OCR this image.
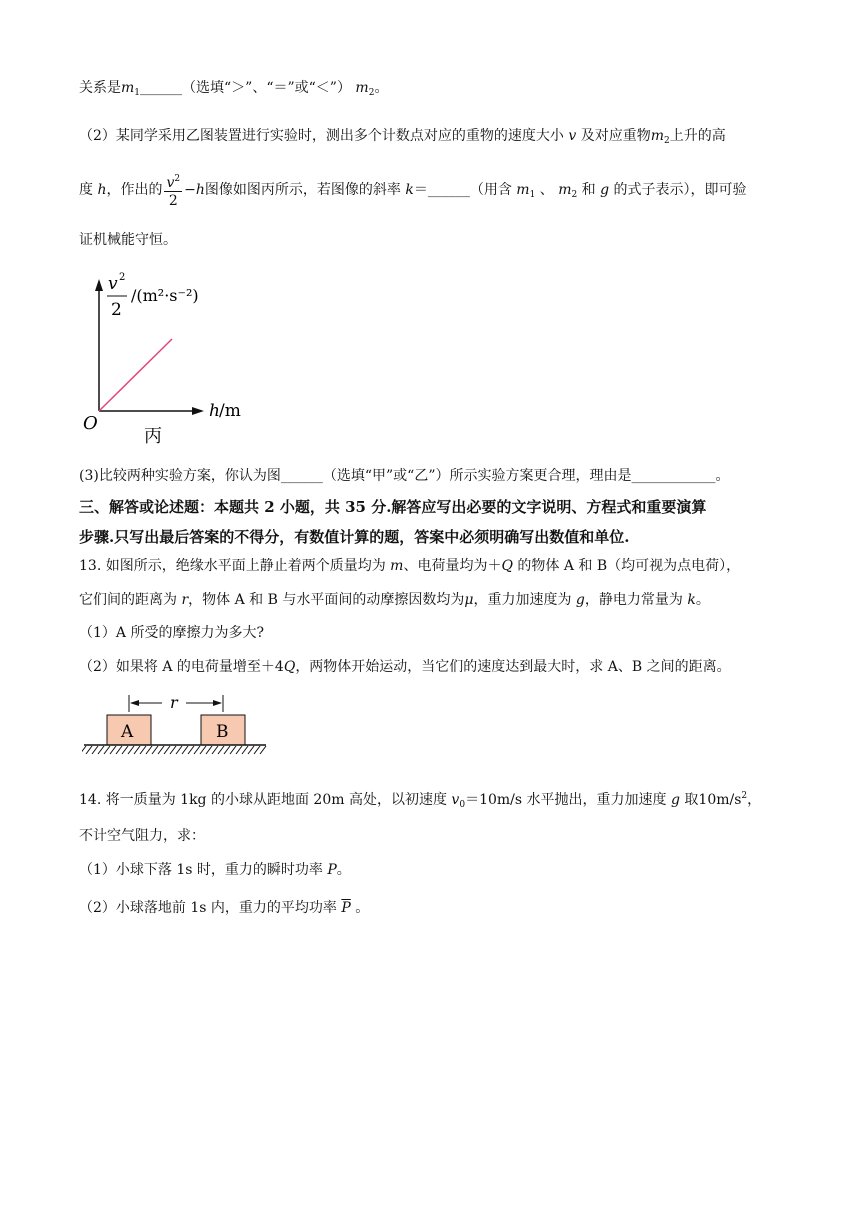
关系是$m_1\_\_\_\_\_\_$（选填“＞”、“＝”或“＜”） $m_2$。
（2）某同学采用乙图装置进行实验时，测出多个计数点对应的重物的速度大小 v 及对应重物$m_2$上升的高
度 h，作出的 $\frac{v^2}{2} -h$图像如图丙所示，若图像的斜率 k＝______（用含 $m_1$ 、 $m_2$ 和 g 的式子表示），即可验
证机械能守恒。
v 2
2
/(m²·s⁻²)
h /m
O
丙
(3)比较两种实验方案，你认为图______（选填“甲”或“乙”）所示实验方案更合理，理由是____________。
三、解答或论述题：本题共 2 小题，共 35 分.解答应写出必要的文字说明、方程式和重要演算
步骤.只写出最后答案的不得分，有数值计算的题，答案中必须明确写出数值和单位.
13. 如图所示，绝缘水平面上静止着两个质量均为 m、电荷量均为＋Q 的物体 A 和 B（均可视为点电荷），
它们间的距离为 r，物体 A 和 B 与水平面间的动摩擦因数均为μ，重力加速度为 g，静电力常量为 k。
（1）A 所受的摩擦力为多大?
（2）如果将 A 的电荷量增至＋4Q，两物体开始运动，当它们的速度达到最大时，求 A、B 之间的距离。
r
A	B
14. 将一质量为 1kg 的小球从距地面 20m 高处，以初速度 $v_0=10m/s$ 水平抛出，重力加速度 g 取$10m/s^2$，
不计空气阻力，求：
（1）小球下落 1s 时，重力的瞬时功率 P。
（2）小球落地前 1s 内，重力的平均功率 $\overline{P}$ 。
